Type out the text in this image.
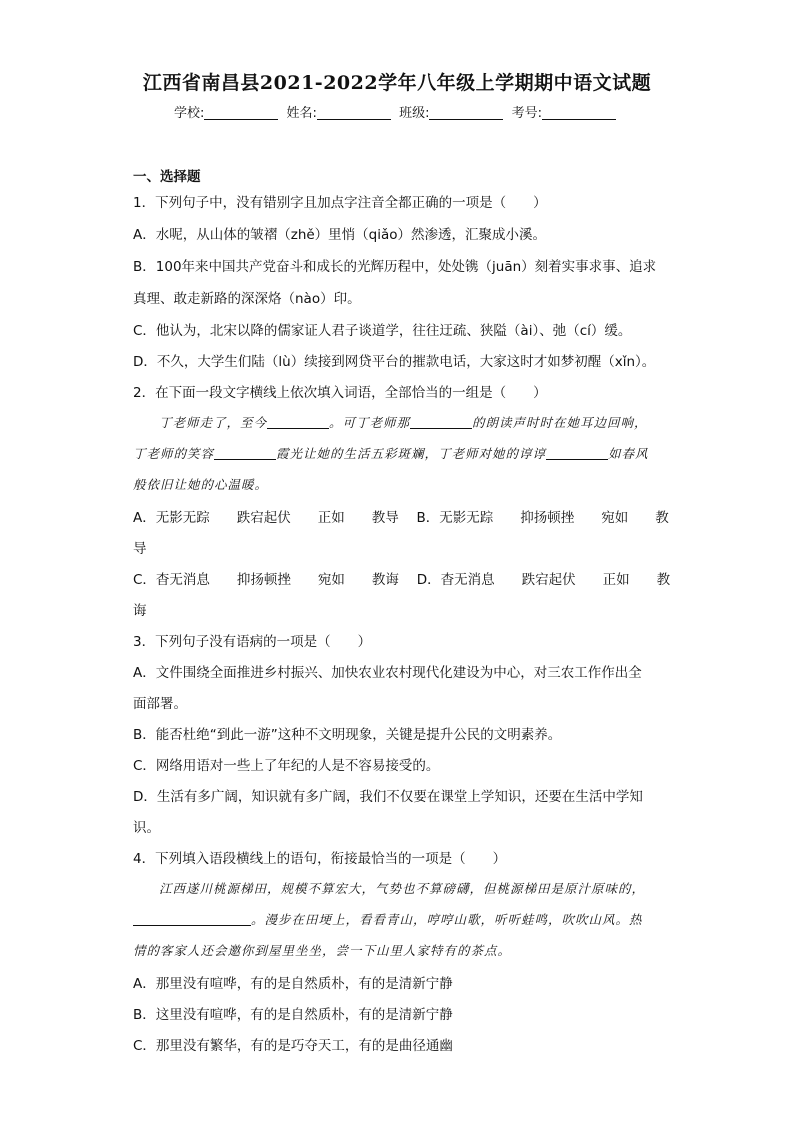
江西省南昌县2021-2022学年八年级上学期期中语文试题
学校:	姓名:	班级:	考号:
一、选择题
1．下列句子中，没有错别字且加点字注音全都正确的一项是（　　）
A．水呢，从山体的皱褶（zhě）里悄（qiǎo）然渗透，汇聚成小溪。
B．100年来中国共产党奋斗和成长的光辉历程中，处处镌（juān）刻着实事求事、追求
真理、敢走新路的深深烙（nào）印。
C．他认为，北宋以降的儒家证人君子谈道学，往往迂疏、狭隘（ài）、弛（cí）缓。
D．不久，大学生们陆（lù）续接到网贷平台的摧款电话，大家这时才如梦初醒（xǐn）。
2．在下面一段文字横线上依次填入词语，全部恰当的一组是（　　）
丁老师走了，至今	。可丁老师那	的朗读声时时在她耳边回响，
丁老师的笑容	霞光让她的生活五彩斑斓，丁老师对她的谆谆	如春风
般依旧让她的心温暖。
A．无影无踪　　跌宕起伏　　正如　　教导　 B．无影无踪　　抑扬顿挫　　宛如　　教
导
C．杳无消息　　抑扬顿挫　　宛如　　教诲　 D．杳无消息　　跌宕起伏　　正如　　教
诲
3．下列句子没有语病的一项是（　　）
A．文件围绕全面推进乡村振兴、加快农业农村现代化建设为中心，对三农工作作出全
面部署。
B．能否杜绝“到此一游”这种不文明现象，关键是提升公民的文明素养。
C．网络用语对一些上了年纪的人是不容易接受的。
D．生活有多广阔，知识就有多广阔，我们不仅要在课堂上学知识，还要在生活中学知
识。
4．下列填入语段横线上的语句，衔接最恰当的一项是（　　）
江西遂川桃源梯田，规模不算宏大，气势也不算磅礴，但桃源梯田是原汁原味的，
。漫步在田埂上，看看青山，哼哼山歌，听听蛙鸣，吹吹山风。热
情的客家人还会邀你到屋里坐坐，尝一下山里人家特有的茶点。
A．那里没有喧哗，有的是自然质朴，有的是清新宁静
B．这里没有喧哗，有的是自然质朴，有的是清新宁静
C．那里没有繁华，有的是巧夺天工，有的是曲径通幽
